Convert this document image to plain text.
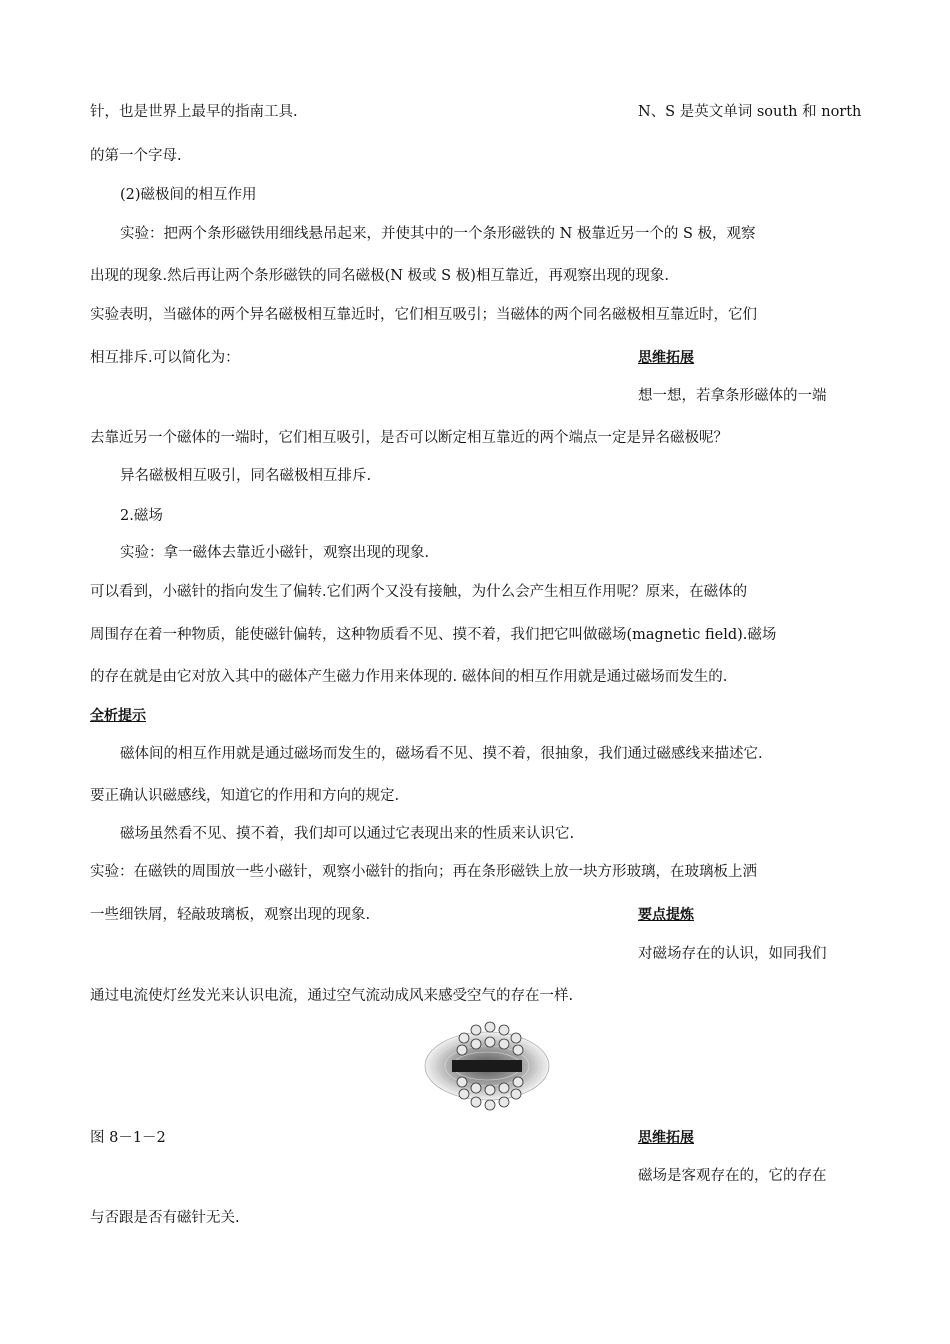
针，也是世界上最早的指南工具.	N、S 是英文单词 south 和 north
的第一个字母.
(2)磁极间的相互作用
实验：把两个条形磁铁用细线悬吊起来，并使其中的一个条形磁铁的 N 极靠近另一个的 S 极，观察
出现的现象.然后再让两个条形磁铁的同名磁极(N 极或 S 极)相互靠近，再观察出现的现象.
实验表明，当磁体的两个异名磁极相互靠近时，它们相互吸引；当磁体的两个同名磁极相互靠近时，它们
相互排斥.可以简化为：	思维拓展
想一想，若拿条形磁体的一端
去靠近另一个磁体的一端时，它们相互吸引，是否可以断定相互靠近的两个端点一定是异名磁极呢？
异名磁极相互吸引，同名磁极相互排斥.
2.磁场
实验：拿一磁体去靠近小磁针，观察出现的现象.
可以看到，小磁针的指向发生了偏转.它们两个又没有接触，为什么会产生相互作用呢？原来，在磁体的
周围存在着一种物质，能使磁针偏转，这种物质看不见、摸不着，我们把它叫做磁场(magnetic field).磁场
的存在就是由它对放入其中的磁体产生磁力作用来体现的. 磁体间的相互作用就是通过磁场而发生的.
全析提示
磁体间的相互作用就是通过磁场而发生的，磁场看不见、摸不着，很抽象，我们通过磁感线来描述它.
要正确认识磁感线，知道它的作用和方向的规定.
磁场虽然看不见、摸不着，我们却可以通过它表现出来的性质来认识它.
实验：在磁铁的周围放一些小磁针，观察小磁针的指向；再在条形磁铁上放一块方形玻璃，在玻璃板上洒
一些细铁屑，轻敲玻璃板，观察出现的现象.	要点提炼
对磁场存在的认识，如同我们
通过电流使灯丝发光来认识电流，通过空气流动成风来感受空气的存在一样.
图 8－1－2	思维拓展
磁场是客观存在的，它的存在
与否跟是否有磁针无关.
